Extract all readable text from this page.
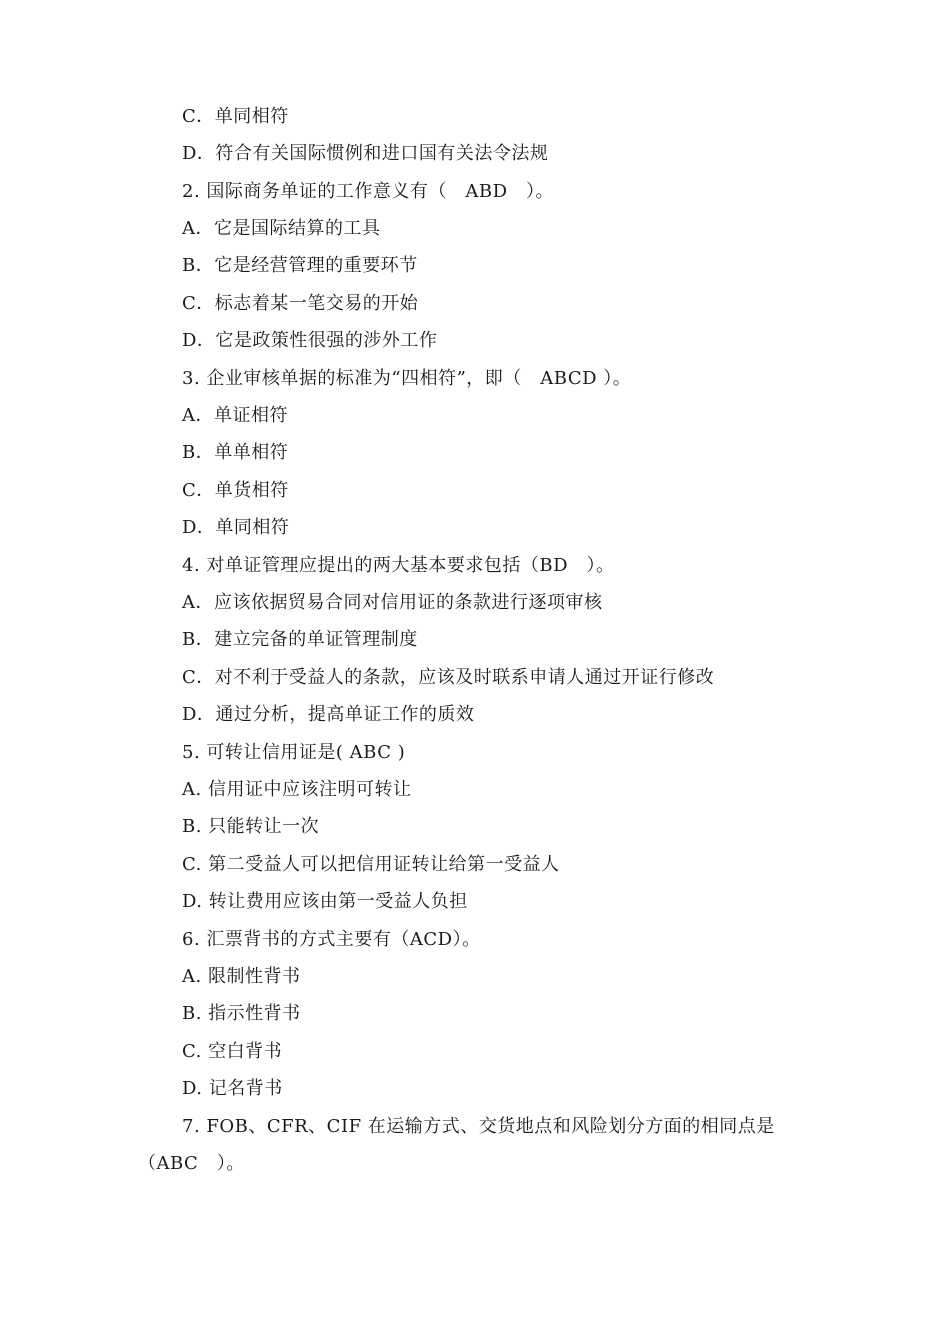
C．单同相符
D．符合有关国际惯例和进口国有关法令法规
2. 国际商务单证的工作意义有（　ABD　）。
A．它是国际结算的工具
B．它是经营管理的重要环节
C．标志着某一笔交易的开始
D．它是政策性很强的涉外工作
3. 企业审核单据的标准为“四相符”，即（　ABCD ）。
A．单证相符
B．单单相符
C．单货相符
D．单同相符
4. 对单证管理应提出的两大基本要求包括（BD　）。
A．应该依据贸易合同对信用证的条款进行逐项审核
B．建立完备的单证管理制度
C．对不利于受益人的条款，应该及时联系申请人通过开证行修改
D．通过分析，提高单证工作的质效
5. 可转让信用证是( ABC )
A. 信用证中应该注明可转让
B. 只能转让一次
C. 第二受益人可以把信用证转让给第一受益人
D. 转让费用应该由第一受益人负担
6. 汇票背书的方式主要有（ACD）。
A. 限制性背书
B. 指示性背书
C. 空白背书
D. 记名背书
7. FOB、CFR、CIF 在运输方式、交货地点和风险划分方面的相同点是
（ABC　）。
